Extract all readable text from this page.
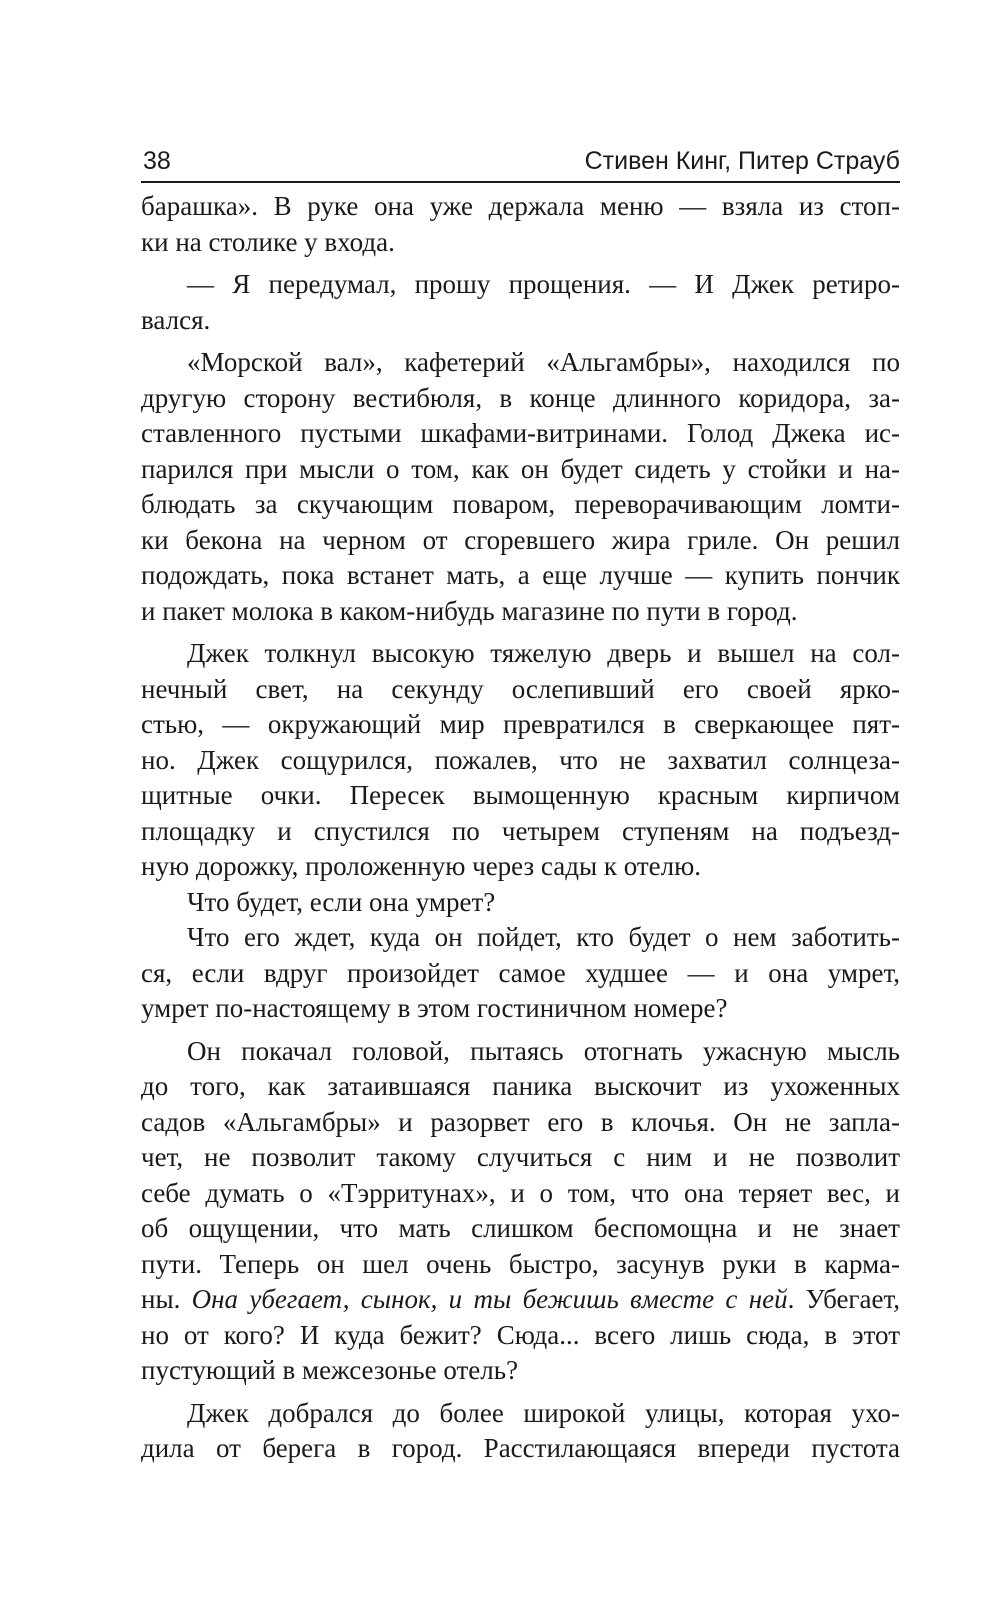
38	Стивен Кинг, Питер Страуб
барашка». В руке она уже держала меню — взяла из стоп-
ки на столике у входа.
— Я передумал, прошу прощения. — И Джек ретиро-
вался.
«Морской вал», кафетерий «Альгамбры», находился по
другую сторону вестибюля, в конце длинного коридора, за-
ставленного пустыми шкафами-витринами. Голод Джека ис-
парился при мысли о том, как он будет сидеть у стойки и на-
блюдать за скучающим поваром, переворачивающим ломти-
ки бекона на черном от сгоревшего жира гриле. Он решил
подождать, пока встанет мать, а еще лучше — купить пончик
и пакет молока в каком-нибудь магазине по пути в город.
Джек толкнул высокую тяжелую дверь и вышел на сол-
нечный свет, на секунду ослепивший его своей ярко-
стью, — окружающий мир превратился в сверкающее пят-
но. Джек сощурился, пожалев, что не захватил солнцеза-
щитные очки. Пересек вымощенную красным кирпичом
площадку и спустился по четырем ступеням на подъезд-
ную дорожку, проложенную через сады к отелю.
Что будет, если она умрет?
Что его ждет, куда он пойдет, кто будет о нем заботить-
ся, если вдруг произойдет самое худшее — и она умрет,
умрет по-настоящему в этом гостиничном номере?
Он покачал головой, пытаясь отогнать ужасную мысль
до того, как затаившаяся паника выскочит из ухоженных
садов «Альгамбры» и разорвет его в клочья. Он не запла-
чет, не позволит такому случиться с ним и не позволит
себе думать о «Тэрритунах», и о том, что она теряет вес, и
об ощущении, что мать слишком беспомощна и не знает
пути. Теперь он шел очень быстро, засунув руки в карма-
ны. Она убегает, сынок, и ты бежишь вместе с ней. Убегает,
но от кого? И куда бежит? Сюда... всего лишь сюда, в этот
пустующий в межсезонье отель?
Джек добрался до более широкой улицы, которая ухо-
дила от берега в город. Расстилающаяся впереди пустота
